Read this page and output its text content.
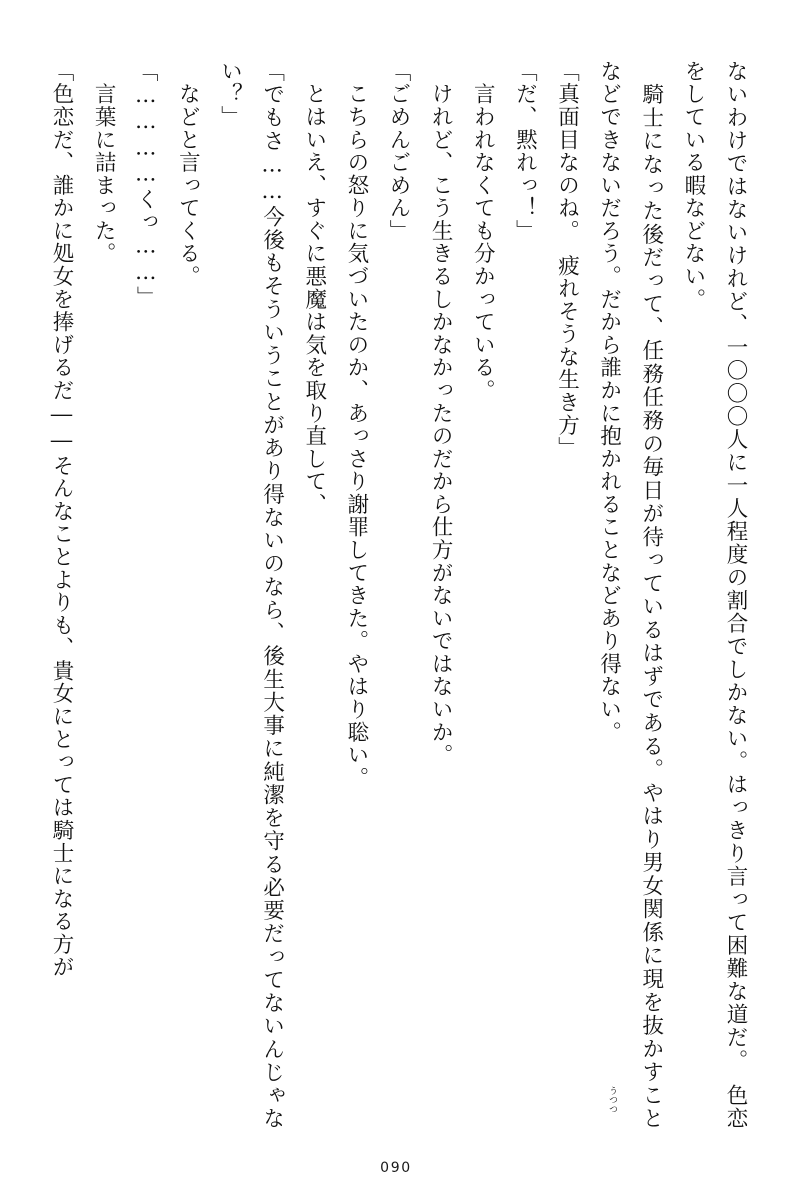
ないわけではないけれど、一〇〇〇人に一人程度の割合でしかない。はっきり言って困難な道だ。　色恋をしている暇などない。

　騎士になった後だって、任務任務の毎日が待っているはずである。やはり男女関係に現を抜かすことなどできないだろう。だから誰かに抱かれることなどあり得ない。

「真面目なのね。　疲れそうな生き方」

「だ、黙れっ！」

　言われなくても分かっている。

　けれど、こう生きるしかなかったのだから仕方がないではないか。

「ごめんごめん」

　こちらの怒りに気づいたのか、あっさり謝罪してきた。やはり聡い。

　とはいえ、すぐに悪魔は気を取り直して、

「でもさ……今後もそういうことがあり得ないのなら、後生大事に純潔を守る必要だってないんじゃない？」

　などと言ってくる。

「…………くっ……」

　言葉に詰まった。

「色恋だ、誰かに処女を捧げるだ――そんなことよりも、貴女にとっては騎士になる方が

うつつ
090
